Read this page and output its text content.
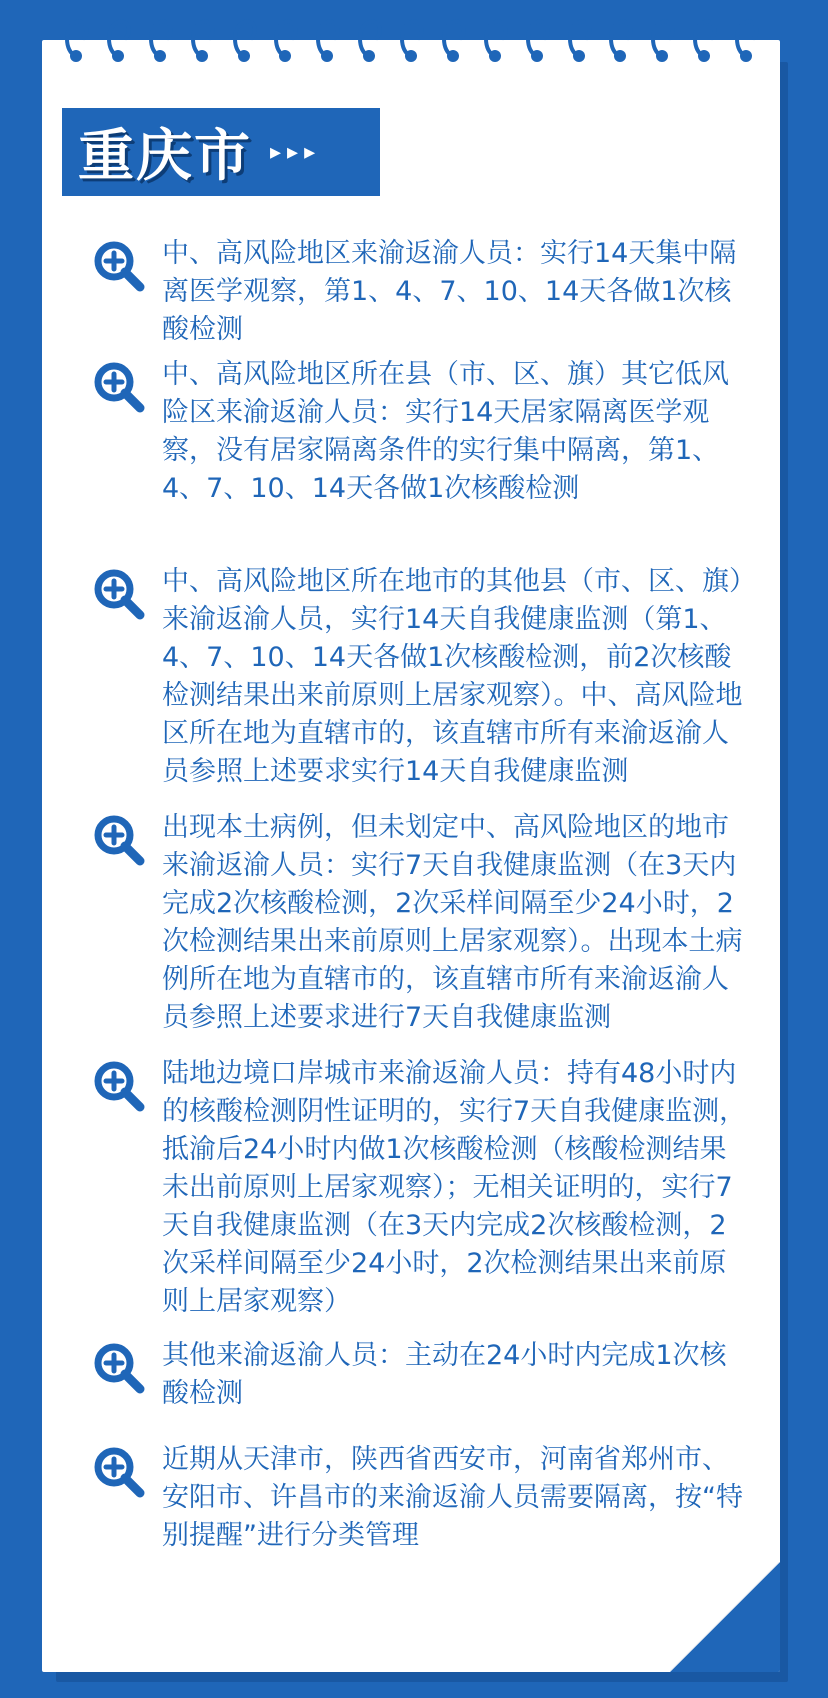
重庆市 ▸▸▸
中、高风险地区来渝返渝人员：实行14天集中隔离医学观察，第1、4、7、10、14天各做1次核酸检测
中、高风险地区所在县（市、区、旗）其它低风险区来渝返渝人员：实行14天居家隔离医学观察，没有居家隔离条件的实行集中隔离，第1、4、7、10、14天各做1次核酸检测
中、高风险地区所在地市的其他县（市、区、旗）来渝返渝人员，实行14天自我健康监测（第1、4、7、10、14天各做1次核酸检测，前2次核酸检测结果出来前原则上居家观察）。中、高风险地区所在地为直辖市的，该直辖市所有来渝返渝人员参照上述要求实行14天自我健康监测
出现本土病例，但未划定中、高风险地区的地市来渝返渝人员：实行7天自我健康监测（在3天内完成2次核酸检测，2次采样间隔至少24小时，2次检测结果出来前原则上居家观察）。出现本土病例所在地为直辖市的，该直辖市所有来渝返渝人员参照上述要求进行7天自我健康监测
陆地边境口岸城市来渝返渝人员：持有48小时内的核酸检测阴性证明的，实行7天自我健康监测，抵渝后24小时内做1次核酸检测（核酸检测结果未出前原则上居家观察）；无相关证明的，实行7天自我健康监测（在3天内完成2次核酸检测，2次采样间隔至少24小时，2次检测结果出来前原则上居家观察）
其他来渝返渝人员：主动在24小时内完成1次核酸检测
近期从天津市，陕西省西安市，河南省郑州市、安阳市、许昌市的来渝返渝人员需要隔离，按“特别提醒”进行分类管理
